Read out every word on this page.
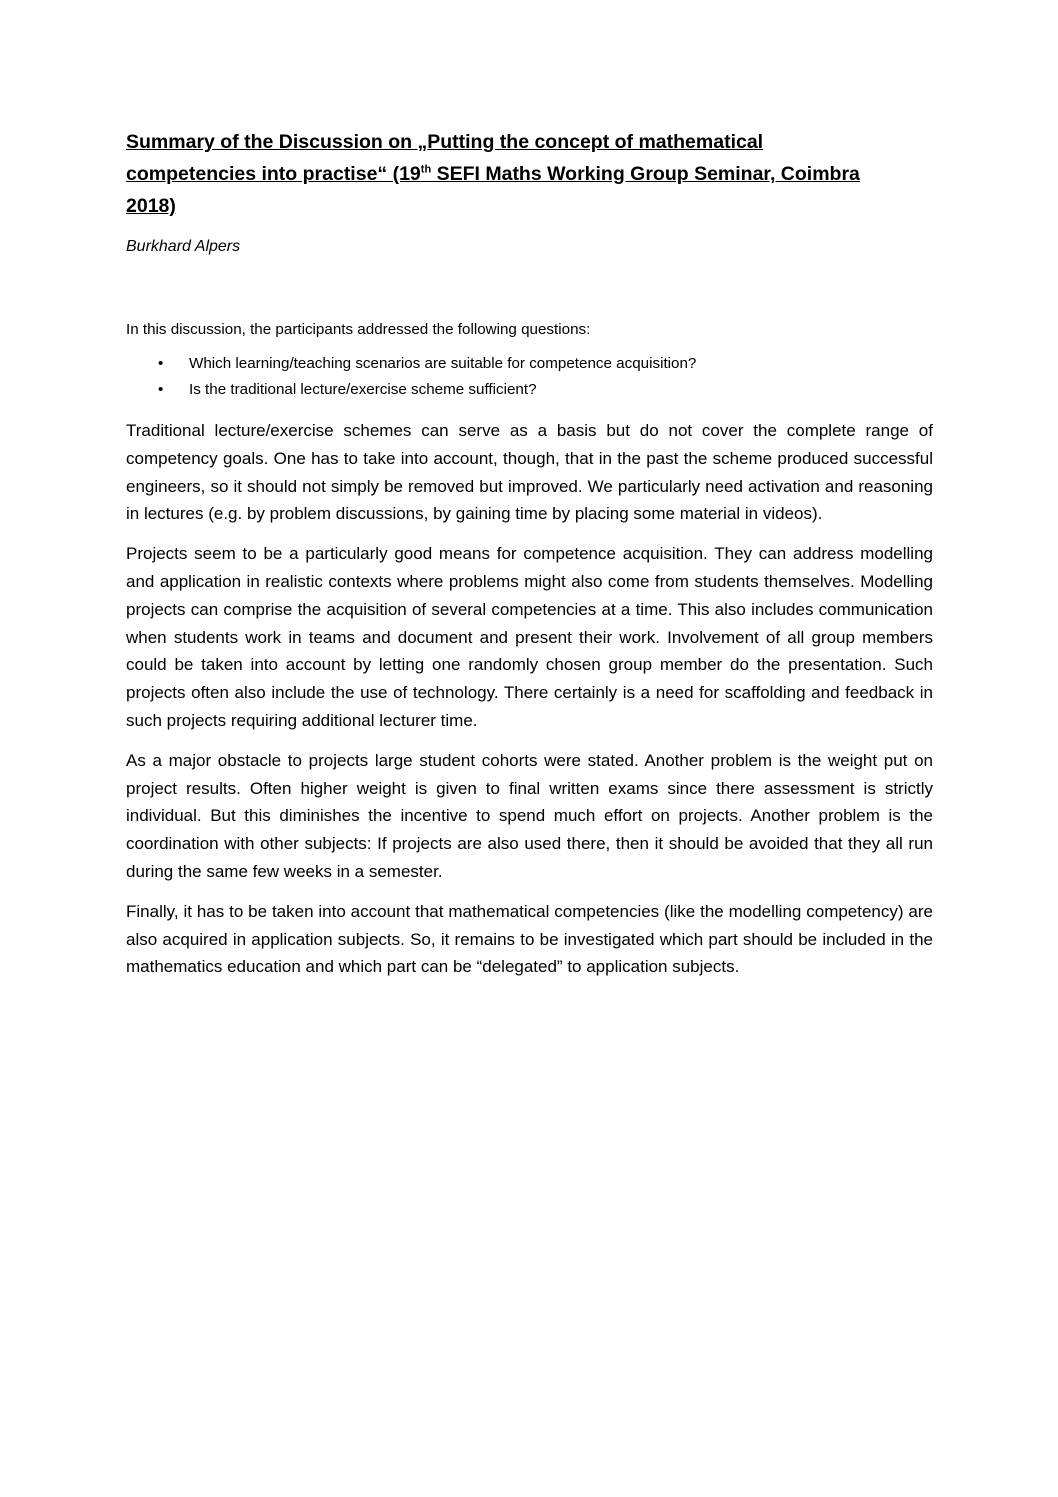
Summary of the Discussion on „Putting the concept of mathematical competencies into practise“ (19th SEFI Maths Working Group Seminar, Coimbra 2018)

Burkhard Alpers

In this discussion, the participants addressed the following questions:

• Which learning/teaching scenarios are suitable for competence acquisition?
• Is the traditional lecture/exercise scheme sufficient?

Traditional lecture/exercise schemes can serve as a basis but do not cover the complete range of competency goals. One has to take into account, though, that in the past the scheme produced successful engineers, so it should not simply be removed but improved. We particularly need activation and reasoning in lectures (e.g. by problem discussions, by gaining time by placing some material in videos).

Projects seem to be a particularly good means for competence acquisition. They can address modelling and application in realistic contexts where problems might also come from students themselves. Modelling projects can comprise the acquisition of several competencies at a time. This also includes communication when students work in teams and document and present their work. Involvement of all group members could be taken into account by letting one randomly chosen group member do the presentation. Such projects often also include the use of technology. There certainly is a need for scaffolding and feedback in such projects requiring additional lecturer time.

As a major obstacle to projects large student cohorts were stated. Another problem is the weight put on project results. Often higher weight is given to final written exams since there assessment is strictly individual. But this diminishes the incentive to spend much effort on projects. Another problem is the coordination with other subjects: If projects are also used there, then it should be avoided that they all run during the same few weeks in a semester.

Finally, it has to be taken into account that mathematical competencies (like the modelling competency) are also acquired in application subjects. So, it remains to be investigated which part should be included in the mathematics education and which part can be “delegated” to application subjects.
